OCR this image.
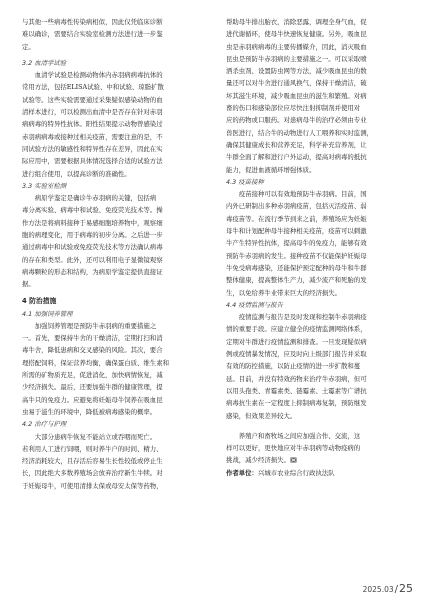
与其他一些病毒性传染病相似，因此仅凭临床诊断
难以确诊，需要结合实验室检测方法进行进一步鉴
定。
3.2 血清学试验
血清学试验是检测动物体内赤羽病病毒抗体的
常用方法，包括ELISA试验、中和试验、琼脂扩散
试验等。这些实验需要通过采集疑似感染动物的血
清样本进行，可以检测出血清中是否存在针对赤羽
病病毒的特异性抗体。阳性结果提示动物曾感染过
赤羽病病毒或接种过相关疫苗，需要注意的是，不
同试验方法的敏感性和特异性存在差异，因此在实
际应用中，需要根据具体情况选择合适的试验方法
进行组合使用，以提高诊断的准确性。
3.3 实验室检测
病原学鉴定是确诊牛赤羽病的关键，包括病
毒分离实验、病毒中和试验、免疫荧光技术等。操
作方法是将病料接种于易感细胞培养物中，观察细
胞的病理变化，用于病毒的初步分离。之后进一步
通过病毒中和试验或免疫荧光技术等方法确认病毒
的存在和类型。此外，还可以利用电子显微镜观察
病毒颗粒的形态和结构，为病原学鉴定提供直接证
据。
4 防治措施
4.1 加强饲养管理
加强饲养管理是预防牛赤羽病的重要措施之
一。首先，要保持牛舍的干燥清洁，定期打扫和消
毒牛舍，降低患病和交叉感染的风险。其次，要合
理搭配饲料，保证营养均衡，确保蛋白质、维生素和
所需的矿物质充足，促进消化，加快病情恢复，减
少经济损失。最后，还要加强牛群的健康管理，提
高牛只的免疫力。应避免将妊娠母牛饲养在吸血昆
虫易于滋生的环境中，降低被病毒感染的概率。
4.2 治疗与护理
大部分患病牛恢复不能站立或吞咽而死亡。
若利用人工进行饲喂，则对养牛户的时间、精力、
经济消耗较大，且存活后容易生长性较低或停止生
长，因此绝大多数养殖场会放弃治疗新生牛犊。对
于妊娠母牛，可使用清排太保或母安太保等药物，
帮助母牛排出胎衣，消除恶露，调理全身气血，促
进代谢循环，使母牛快速恢复健康。另外，吸血昆
虫是赤羽病病毒的主要传播媒介，因此，消灭吸血
昆虫是预防牛赤羽病的主要措施之一。可以采取喷
洒杀虫剂、设置防虫网等方法，减少吸血昆虫的数
量还可以对牛舍进行通风换气，保持干燥清洁，破
坏其滋生环境，减少吸血昆虫的滋生和繁殖。对病
畜的伤口和感染部位应尽快注射抑制剂并使用对
应的药物或口服药。对患病母牛的治疗必须由专业
兽医进行，结合牛的动物进行人工喂养和实时监测，
确保其健康成长和营养充足，科学补充营养剂，让
牛群全面了解和进行户外运动，提高对病毒的抵抗
能力，促进血液循环增强体质。
4.3 疫苗接种
疫苗接种可以有效地预防牛赤羽病。目前，国
内外已研制出多种赤羽病疫苗，包括灭活疫苗、弱
毒疫苗等。在流行季节到来之前，养殖场应为妊娠
母牛和计划配种母牛接种相关疫苗，疫苗可以刺激
牛产生特异性抗体，提高母牛的免疫力，能够有效
预防牛赤羽病的发生。接种疫苗不仅能保护妊娠母
牛免受病毒感染，还能保护预定配种的母牛和牛群
整体健康，提高整体生产力，减少流产和死胎的发
生，以免给养牛业带来巨大的经济损失。
4.4 疫情监测与报告
疫情监测与报告是及时发现和控制牛赤羽病疫
情的重要手段。应建立健全的疫情监测网络体系，
定期对牛群进行疫情监测和排查。一旦发现疑似病
例或疫情暴发情况，应及时向上级部门报告并采取
有效的防控措施，以防止疫情的进一步扩散和蔓
延。目前，并没有特效药物来治疗牛赤羽病，但可
以用头孢类、青霉素类、链霉素、土霉素等广谱抗
病毒抗生素在一定程度上抑制病毒复制，预防继发
感染，但效果差异较大。
养殖户和畜牧场之间应加强合作、交流，这
样可以更好，更快地应对牛赤羽病等动物疫病的
挑战，减少经济损失。
作者单位：兴城市农业综合行政执法队
2025.03/25
